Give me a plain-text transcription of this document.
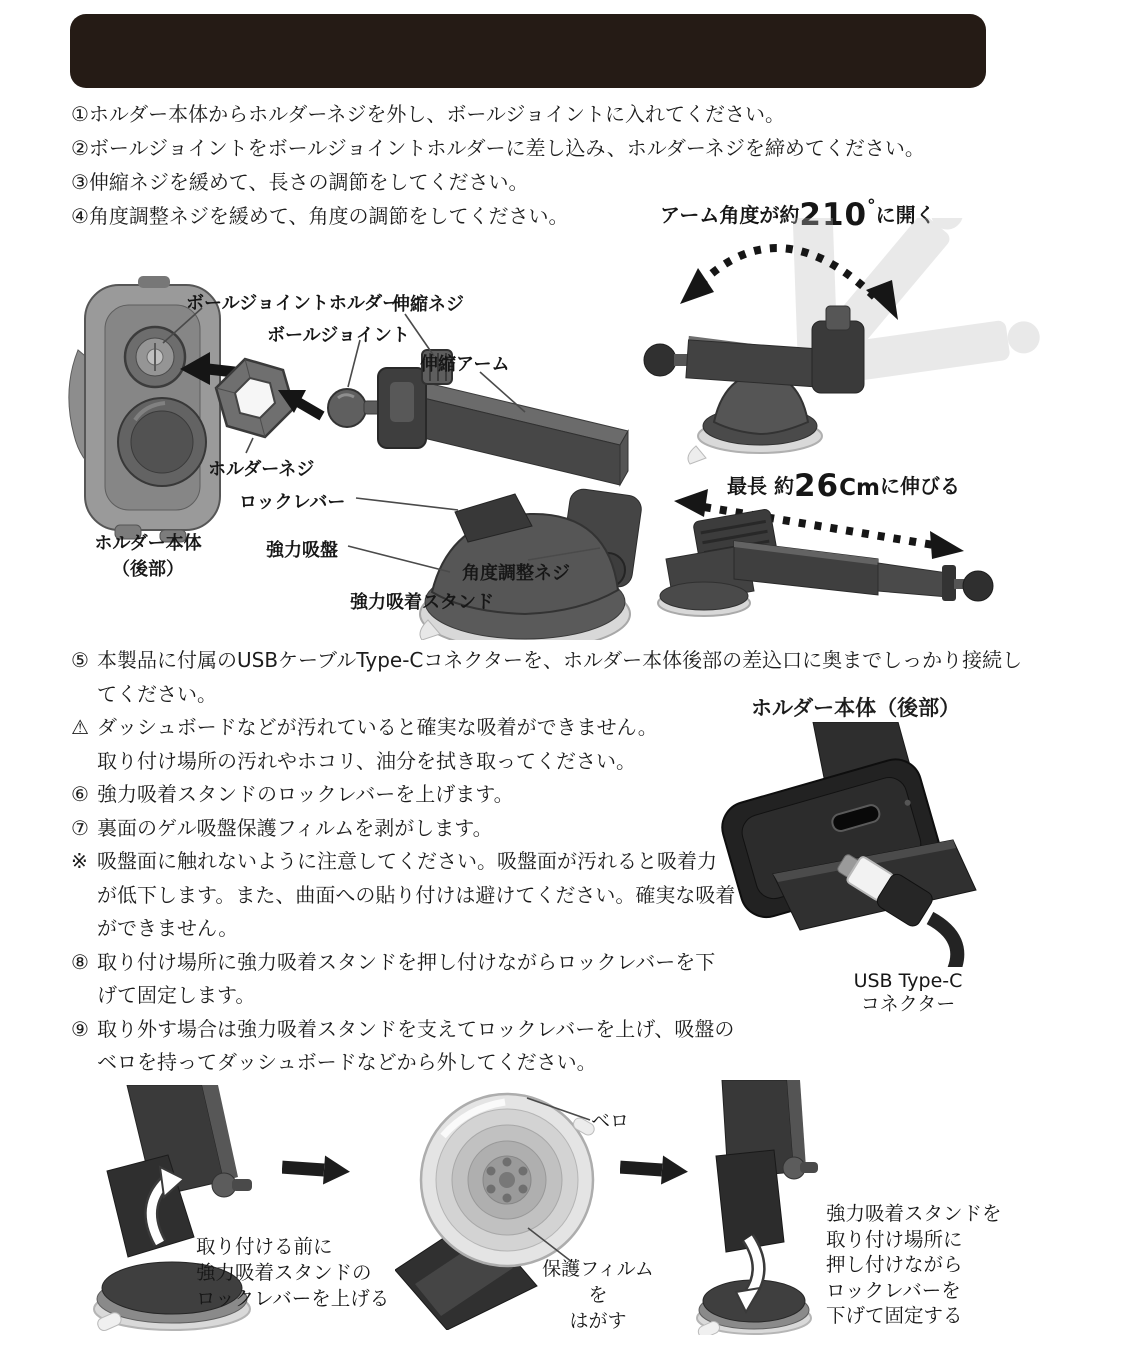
①ホルダー本体からホルダーネジを外し、ボールジョイントに入れてください。
②ボールジョイントをボールジョイントホルダーに差し込み、ホルダーネジを締めてください。
③伸縮ネジを緩めて、長さの調節をしてください。
④角度調整ネジを緩めて、角度の調節をしてください。	アーム角度が約210°に開く
最長 約26Cmに伸びる
ボールジョイントホルダー
伸縮ネジ
ボールジョイント
伸縮アーム
ホルダーネジ
ロックレバー
強力吸盤
ホルダー本体
（後部）	角度調整ネジ
強力吸着スタンド
⑤ 本製品に付属のUSBケーブルType-Cコネクターを、ホルダー本体後部の差込口に奥までしっかり接続し
てください。
⚠ ダッシュボードなどが汚れていると確実な吸着ができません。
取り付け場所の汚れやホコリ、油分を拭き取ってください。
⑥ 強力吸着スタンドのロックレバーを上げます。
⑦ 裏面のゲル吸盤保護フィルムを剥がします。
※ 吸盤面に触れないように注意してください。吸盤面が汚れると吸着力
が低下します。また、曲面への貼り付けは避けてください。確実な吸着
ができません。
⑧ 取り付け場所に強力吸着スタンドを押し付けながらロックレバーを下
げて固定します。
⑨ 取り外す場合は強力吸着スタンドを支えてロックレバーを上げ、吸盤の
ベロを持ってダッシュボードなどから外してください。
ホルダー本体（後部）
USB Type-C
コネクター
取り付ける前に
強力吸着スタンドの
ロックレバーを上げる
ベロ
保護フィルムを
はがす
強力吸着スタンドを
取り付け場所に
押し付けながら
ロックレバーを
下げて固定する
